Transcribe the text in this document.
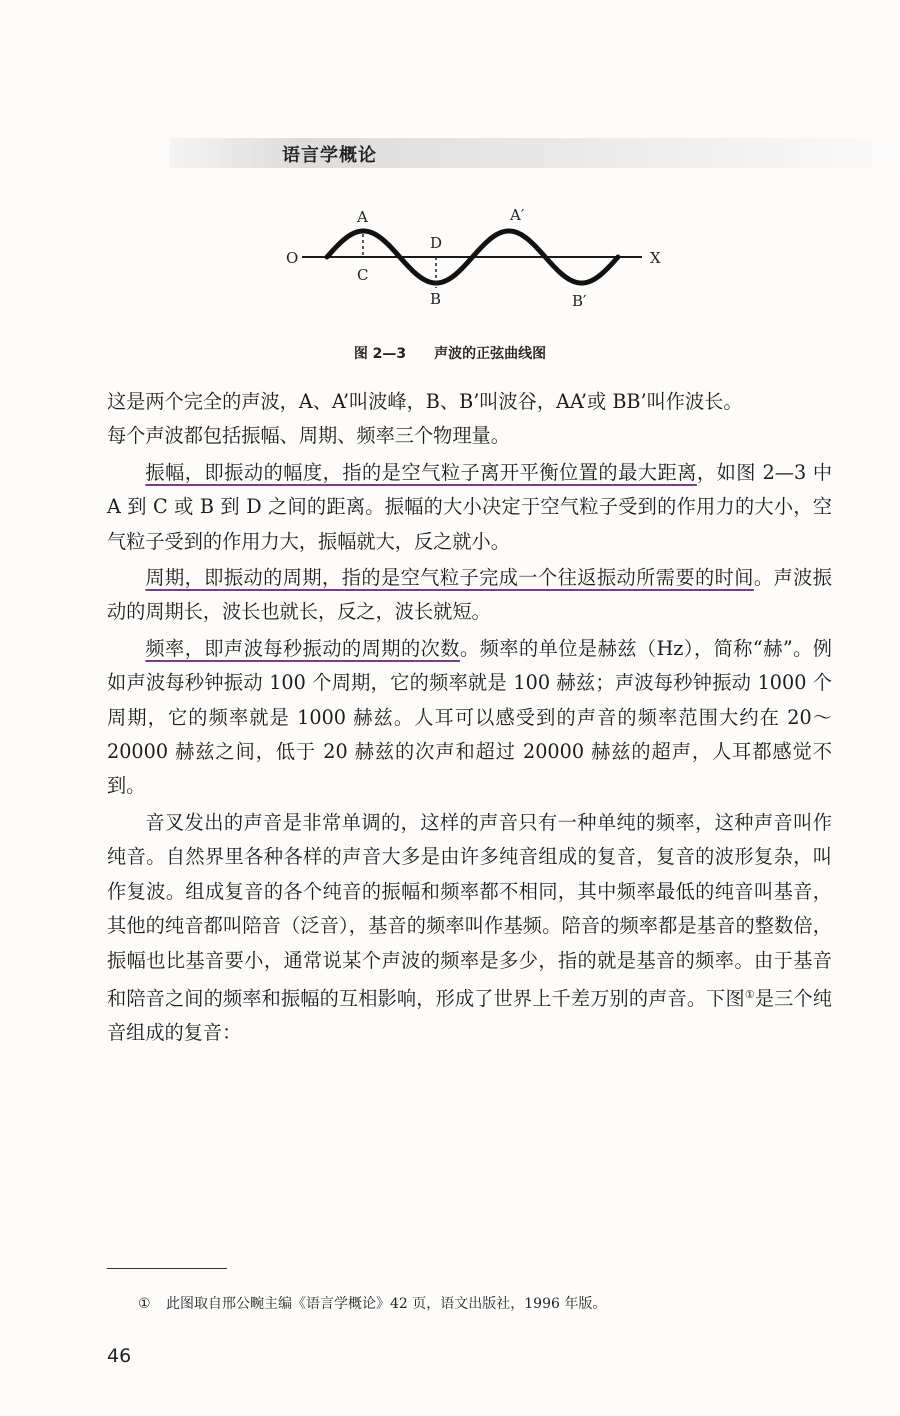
语言学概论
O	X
A	A′
B	B′
C
D
图 2—3 声波的正弦曲线图

这是两个完全的声波，A、A’叫波峰，B、B’叫波谷，AA’或 BB’叫作波长。
每个声波都包括振幅、周期、频率三个物理量。

振幅，即振动的幅度，指的是空气粒子离开平衡位置的最大距离，如图 2—3 中 A 到 C 或 B 到 D 之间的距离。振幅的大小决定于空气粒子受到的作用力的大小，空气粒子受到的作用力大，振幅就大，反之就小。

周期，即振动的周期，指的是空气粒子完成一个往返振动所需要的时间。声波振动的周期长，波长也就长，反之，波长就短。

频率，即声波每秒振动的周期的次数。频率的单位是赫兹（Hz），简称“赫”。例如声波每秒钟振动 100 个周期，它的频率就是 100 赫兹；声波每秒钟振动 1000 个周期，它的频率就是 1000 赫兹。人耳可以感受到的声音的频率范围大约在 20～20000 赫兹之间，低于 20 赫兹的次声和超过 20000 赫兹的超声，人耳都感觉不到。

音叉发出的声音是非常单调的，这样的声音只有一种单纯的频率，这种声音叫作纯音。自然界里各种各样的声音大多是由许多纯音组成的复音，复音的波形复杂，叫作复波。组成复音的各个纯音的振幅和频率都不相同，其中频率最低的纯音叫基音，其他的纯音都叫陪音（泛音），基音的频率叫作基频。陪音的频率都是基音的整数倍，振幅也比基音要小，通常说某个声波的频率是多少，指的就是基音的频率。由于基音和陪音之间的频率和振幅的互相影响，形成了世界上千差万别的声音。下图①是三个纯音组成的复音：

① 此图取自邢公畹主编《语言学概论》42 页，语文出版社，1996 年版。
46
